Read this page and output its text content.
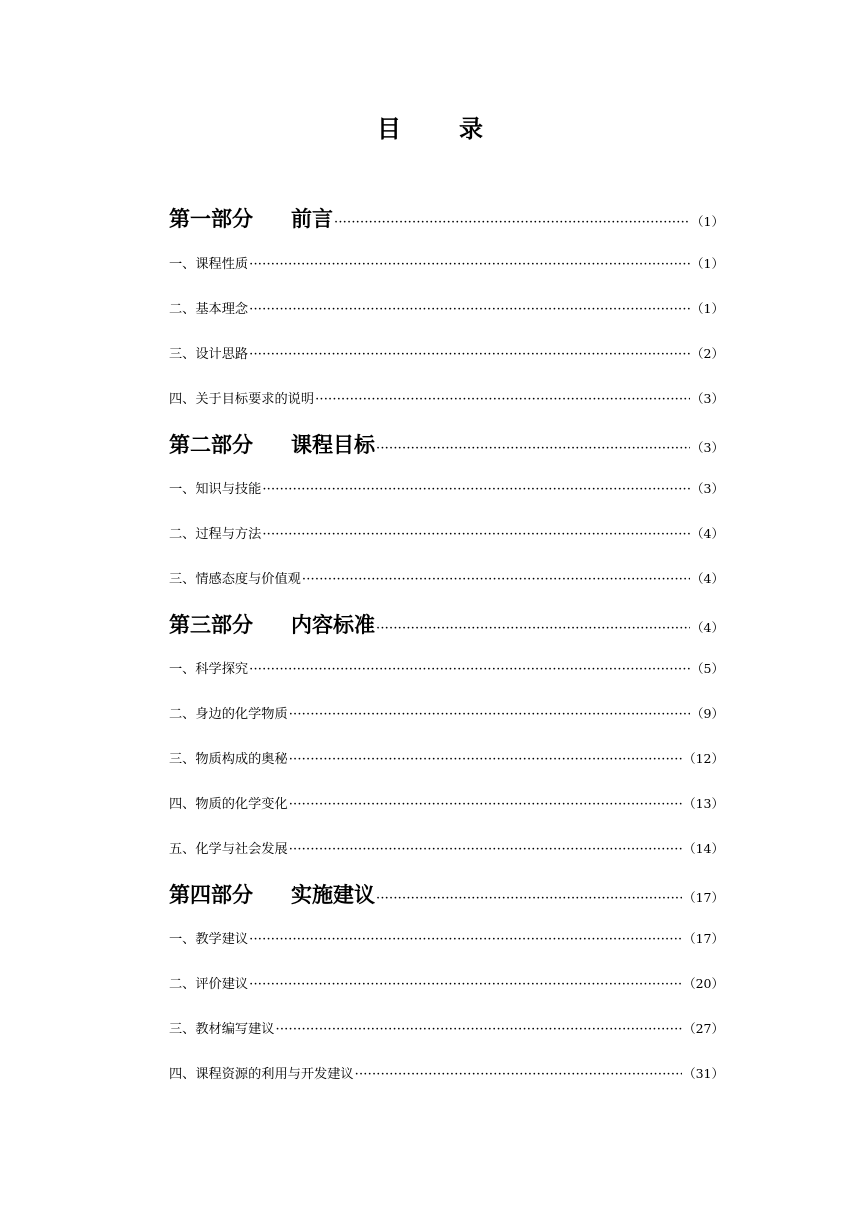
目 录
第一部分 前言 ·····	（1）
一、课程性质 ·····	（1）
二、基本理念 ·····	（1）
三、设计思路 ·····	（2）
四、关于目标要求的说明 ·····	（3）
第二部分 课程目标 ·····	（3）
一、知识与技能 ·····	（3）
二、过程与方法 ·····	（4）
三、情感态度与价值观 ·····	（4）
第三部分 内容标准 ·····	（4）
一、科学探究 ·····	（5）
二、身边的化学物质 ·····	（9）
三、物质构成的奥秘 ·····	（12）
四、物质的化学变化 ·····	（13）
五、化学与社会发展 ·····	（14）
第四部分 实施建议 ·····	（17）
一、教学建议 ·····	（17）
二、评价建议 ·····	（20）
三、教材编写建议 ·····	（27）
四、课程资源的利用与开发建议 ·····	（31）
